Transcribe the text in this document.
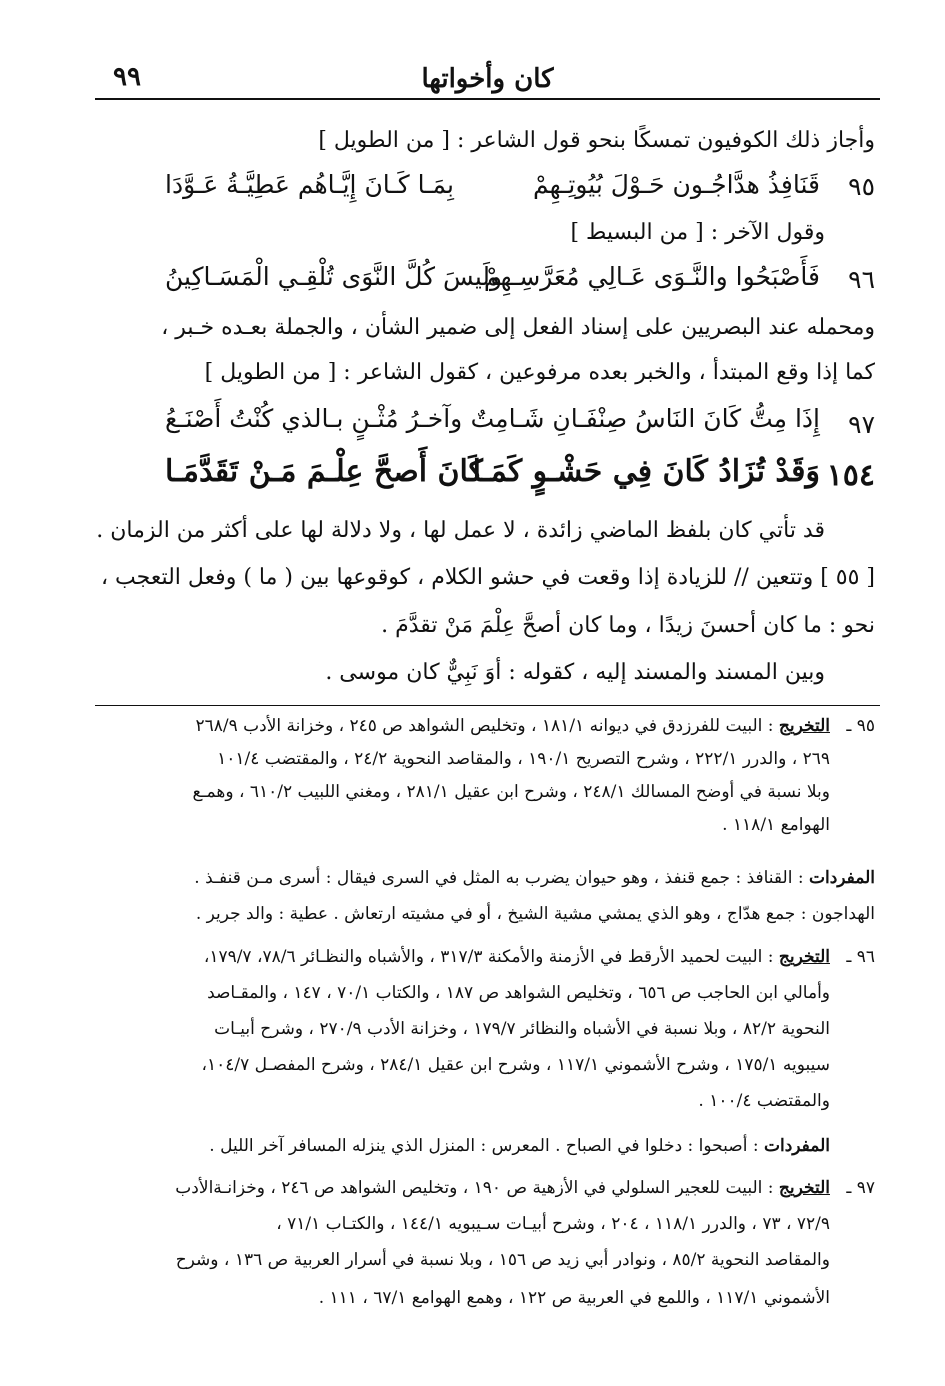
كان وأخواتها
٩٩
وأجاز ذلك الكوفيون تمسكًا بنحو قول الشاعر : [ من الطويل ]
٩٥
قَنَافِذُ هدَّاجُـون حَـوْلَ بُيُوتِـهِمْ
بِمَـا كَـانَ إِيَّـاهُم عَطِيَّـةُ عَـوَّدَا
وقول الآخر : [ من البسيط ]
٩٦
فَأَصْبَحُوا والنَّـوَى عَـالِي مُعَرَّسِـهِمْ
ولَيسَ كُلَّ النَّوَى تُلْقِـي الْمَسَـاكِينُ
ومحمله عند البصريين على إسناد الفعل إلى ضمير الشأن ، والجملة بعـده خـبر ،
كما إذا وقع المبتدأ ، والخبر بعده مرفوعين ، كقول الشاعر : [ من الطويل ]
٩٧
إِذَا مِتُّ كَانَ النَاسُ صِنْفَـانِ شَـامِتٌ
وآخـرُ مُثْـنٍ بـالذي كُنْتُ أَصْنَـعُ
١٥٤
وَقَدْ تُزَادُ كَانَ فِي حَشْـوٍ كَمَـا
كَانَ أَصحَّ عِلْـمَ مَـنْ تَقَدَّمَـا
قد تأتي كان بلفظ الماضي زائدة ، لا عمل لها ، ولا دلالة لها على أكثر من الزمان .
[ ٥٥ ] وتتعين // للزيادة إذا وقعت في حشو الكلام ، كوقوعها بين ( ما ) وفعل التعجب ،
نحو : ما كان أحسنَ زيدًا ، وما كان أصحَّ عِلْمَ مَنْ تقدَّمَ .
وبين المسند والمسند إليه ، كقوله : أوَ نَبِيٌّ كان موسى .
٩٥ ـ
التخريج : البيت للفرزدق في ديوانه ١٨١/١ ، وتخليص الشواهد ص ٢٤٥ ، وخزانة الأدب ٢٦٨/٩
٢٦٩ ، والدرر ٢٢٢/١ ، وشرح التصريح ١٩٠/١ ، والمقاصد النحوية ٢٤/٢ ، والمقتضب ١٠١/٤
وبلا نسبة في أوضح المسالك ٢٤٨/١ ، وشرح ابن عقيل ٢٨١/١ ، ومغني اللبيب ٦١٠/٢ ، وهمـع
الهوامع ١١٨/١ .
المفردات : القنافذ : جمع قنفذ ، وهو حيوان يضرب به المثل في السرى فيقال : أسرى مـن قنفـذ .
الهداجون : جمع هدّاج ، وهو الذي يمشي مشية الشيخ ، أو في مشيته ارتعاش . عطية : والد جرير .
٩٦ ـ
التخريج : البيت لحميد الأرقط في الأزمنة والأمكنة ٣١٧/٣ ، والأشباه والنظـائر ٧٨/٦، ١٧٩/٧،
وأمالي ابن الحاجب ص ٦٥٦ ، وتخليص الشواهد ص ١٨٧ ، والكتاب ٧٠/١ ، ١٤٧ ، والمقـاصد
النحوية ٨٢/٢ ، وبلا نسبة في الأشباه والنظائر ١٧٩/٧ ، وخزانة الأدب ٢٧٠/٩ ، وشرح أبيـات
سيبويه ١٧٥/١ ، وشرح الأشموني ١١٧/١ ، وشرح ابن عقيل ٢٨٤/١ ، وشرح المفصـل ١٠٤/٧،
والمقتضب ١٠٠/٤ .
المفردات : أصبحوا : دخلوا في الصباح . المعرس : المنزل الذي ينزله المسافر آخر الليل .
٩٧ ـ
التخريج : البيت للعجير السلولي في الأزهية ص ١٩٠ ، وتخليص الشواهد ص ٢٤٦ ، وخزانـةالأدب
٧٢/٩ ، ٧٣ ، والدرر ١١٨/١ ، ٢٠٤ ، وشرح أبيـات سـيبويه ١٤٤/١ ، والكتـاب ٧١/١ ،
والمقاصد النحوية ٨٥/٢ ، ونوادر أبي زيد ص ١٥٦ ، وبلا نسبة في أسرار العربية ص ١٣٦ ، وشرح
الأشموني ١١٧/١ ، واللمع في العربية ص ١٢٢ ، وهمع الهوامع ٦٧/١ ، ١١١ .
